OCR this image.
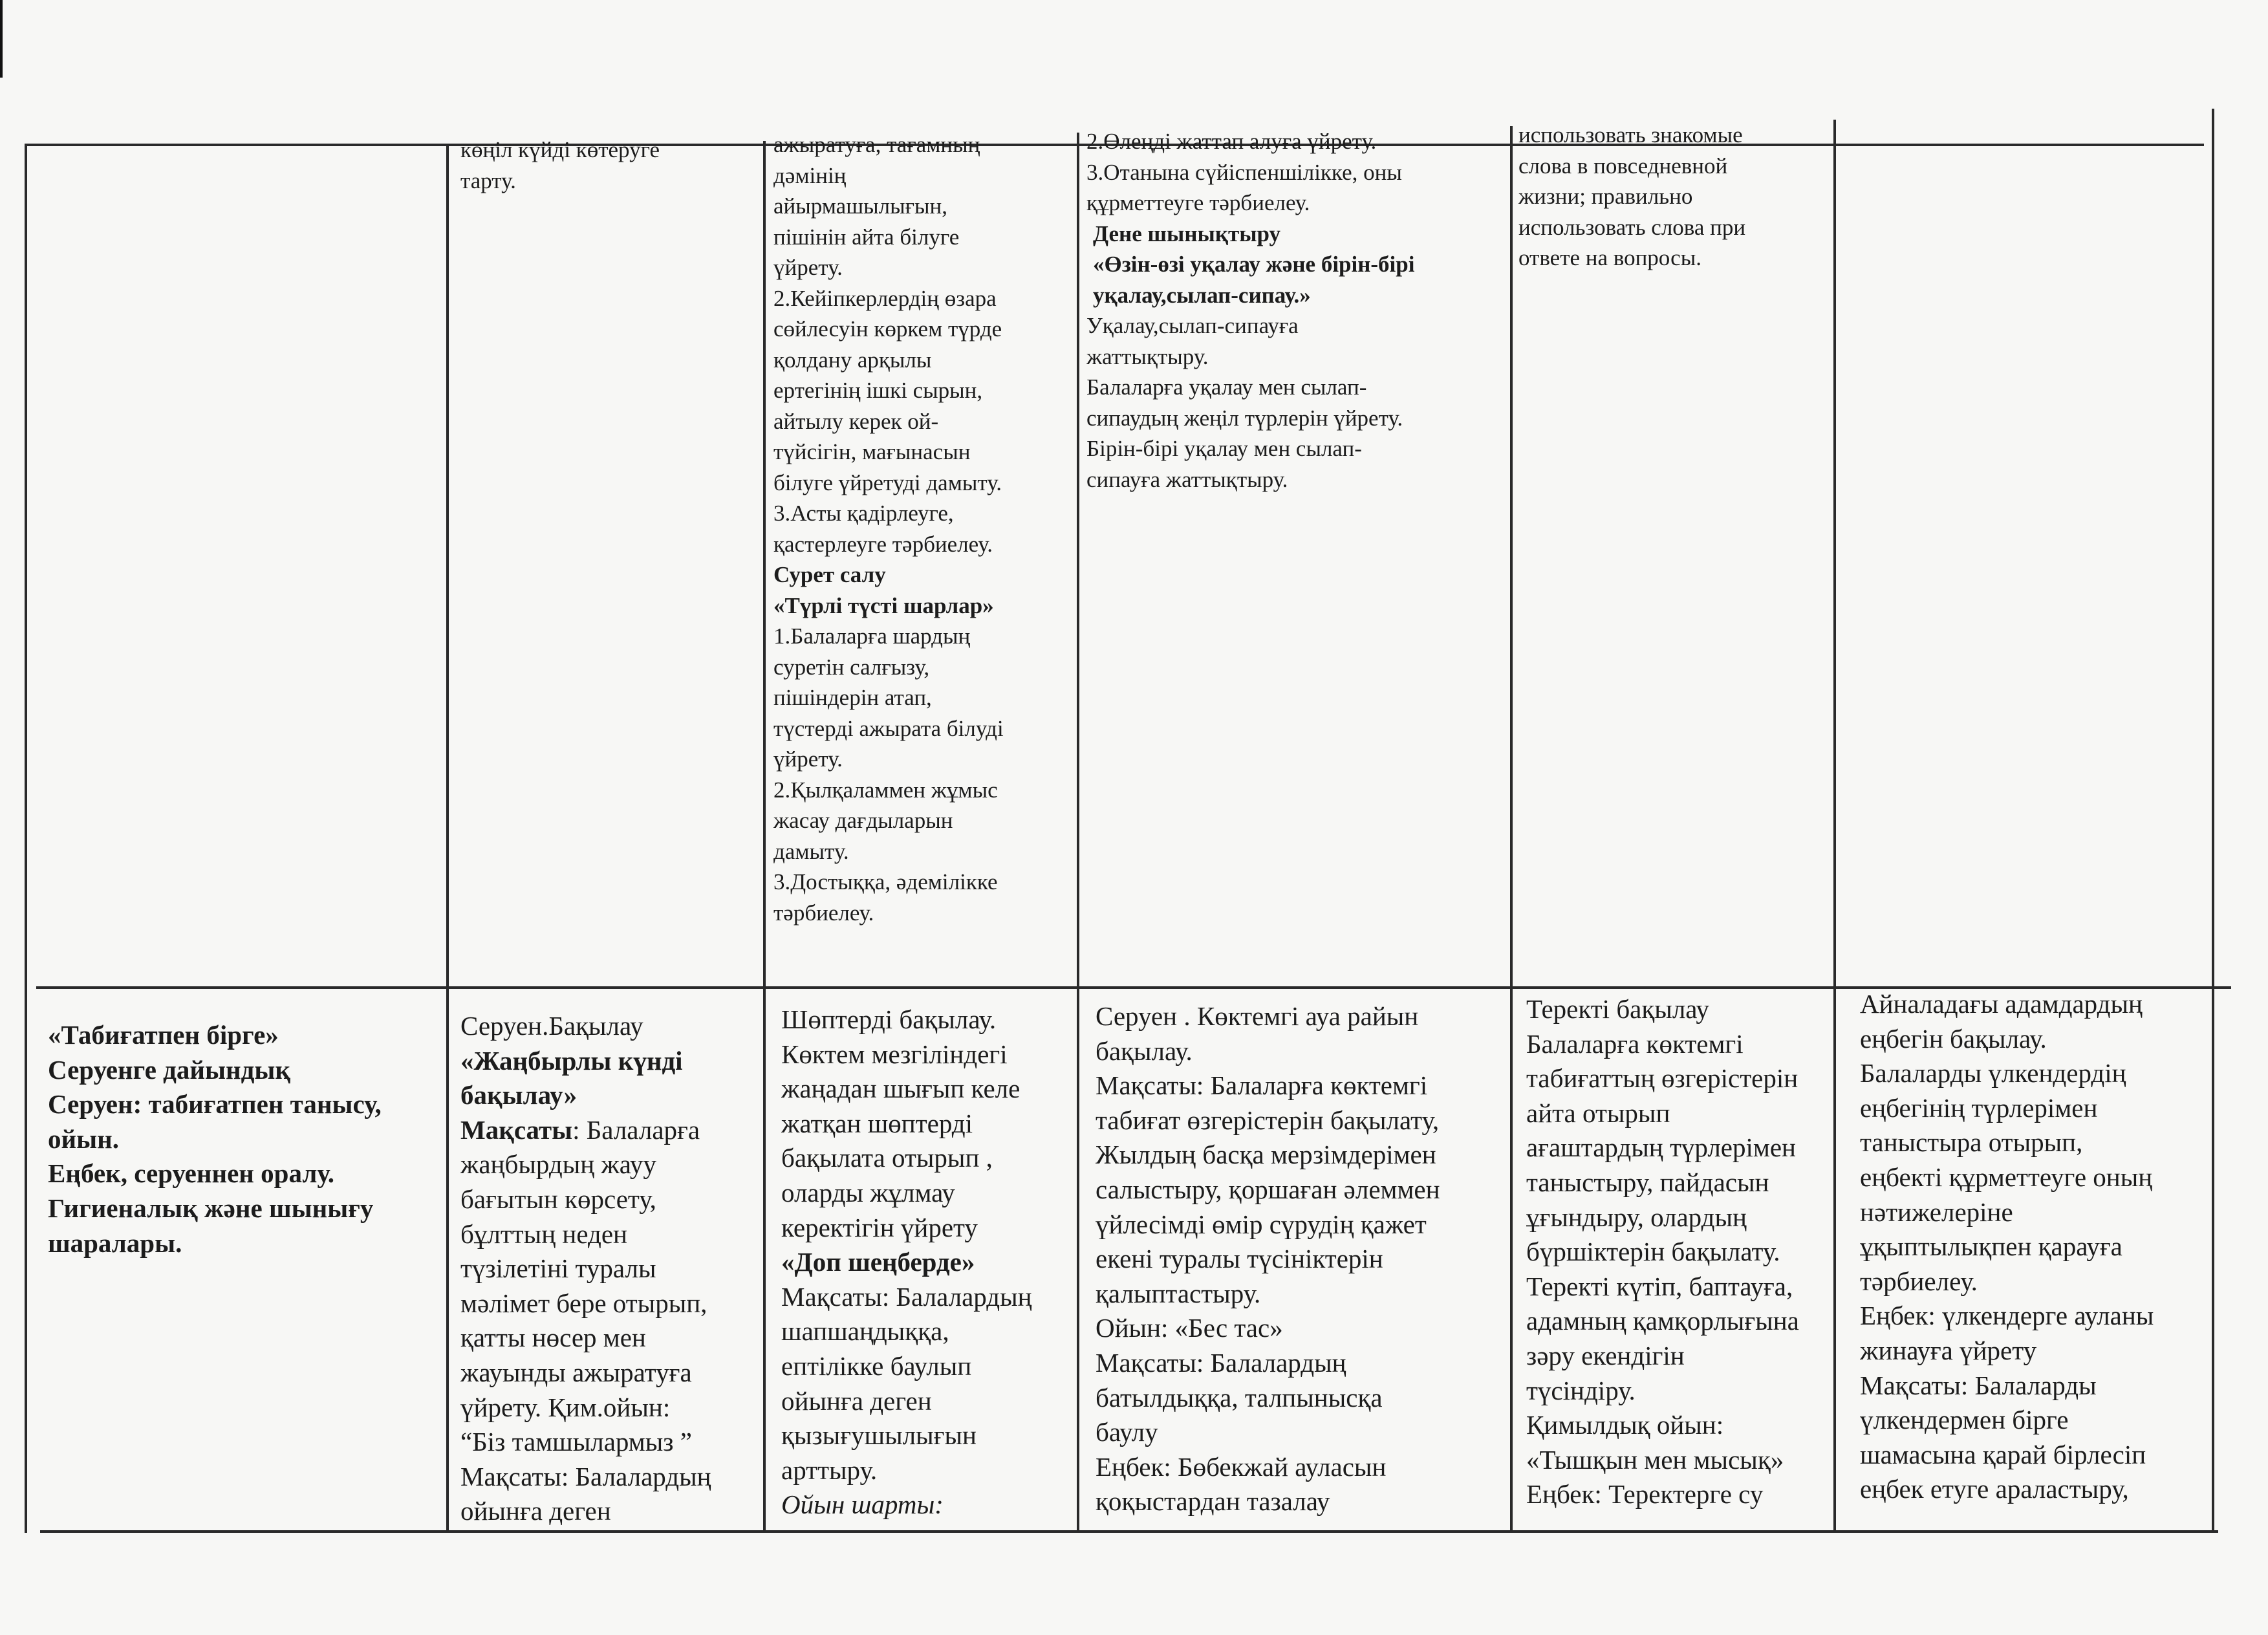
көңіл күйді көтеруге
тарту.
ажыратуға, тағамның
дәмінің
айырмашылығын,
пішінін айта білуге
үйрету.
2.Кейіпкерлердің өзара
сөйлесуін көркем түрде
қолдану арқылы
ертегінің ішкі сырын,
айтылу керек ой-
түйсігін, мағынасын
білуге үйретуді дамыту.
3.Асты қадірлеуге,
қастерлеуге тәрбиелеу.
Сурет салу
«Түрлі түсті шарлар»
1.Балаларға шардың
суретін салғызу,
пішіндерін атап,
түстерді ажырата білуді
үйрету.
2.Қылқаламмен жұмыс
жасау дағдыларын
дамыту.
3.Достыққа, әдемілікке
тәрбиелеу.
2.Өлеңді жаттап алуға үйрету.
3.Отанына сүйіспеншілікке, оны
құрметтеуге тәрбиелеу.
Дене шынықтыру
«Өзін-өзі уқалау және бірін-бірі
уқалау,сылап-сипау.»
Уқалау,сылап-сипауға
жаттықтыру.
Балаларға уқалау мен сылап-
сипаудың жеңіл түрлерін үйрету.
Бірін-бірі уқалау мен сылап-
сипауға жаттықтыру.
использовать знакомые
слова в повседневной
жизни; правильно
использовать слова при
ответе на вопросы.
«Табиғатпен бірге»
Серуенге дайындық
Серуен: табиғатпен танысу,
ойын.
Еңбек, серуеннен оралу.
Гигиеналық және шынығу
шаралары.
Серуен.Бақылау
«Жаңбырлы күнді
бақылау»
Мақсаты: Балаларға
жаңбырдың жауу
бағытын көрсету,
бұлттың неден
түзілетіні туралы
мәлімет бере отырып,
қатты нөсер мен
жауынды ажыратуға
үйрету. Қим.ойын:
“Біз тамшылармыз ”
Мақсаты: Балалардың
ойынға деген
Шөптерді бақылау.
Көктем мезгіліндегі
жаңадан шығып келе
жатқан шөптерді
бақылата отырып ,
оларды жұлмау
керектігін үйрету
«Доп шеңберде»
Мақсаты: Балалардың
шапшаңдыққа,
ептілікке баулып
ойынға деген
қызығушылығын
арттыру.
Ойын шарты:
Серуен . Көктемгі ауа райын
бақылау.
Мақсаты: Балаларға көктемгі
табиғат өзгерістерін бақылату,
Жылдың басқа мерзімдерімен
салыстыру, қоршаған әлеммен
үйлесімді өмір сүрудің қажет
екені туралы түсініктерін
қалыптастыру.
Ойын: «Бес тас»
Мақсаты: Балалардың
батылдыққа, талпынысқа
баулу
Еңбек: Бөбекжай ауласын
қоқыстардан тазалау
Теректі бақылау
Балаларға көктемгі
табиғаттың өзгерістерін
айта отырып
ағаштардың түрлерімен
таныстыру, пайдасын
ұғындыру, олардың
бүршіктерін бақылату.
Теректі күтіп, баптауға,
адамның қамқорлығына
зәру екендігін
түсіндіру.
Қимылдық ойын:
«Тышқын мен мысық»
Еңбек: Теректерге су
Айналадағы адамдардың
еңбегін бақылау.
Балаларды үлкендердің
еңбегінің түрлерімен
таныстыра отырып,
еңбекті құрметтеуге оның
нәтижелеріне
ұқыптылықпен қарауға
тәрбиелеу.
Еңбек: үлкендерге ауланы
жинауға үйрету
Мақсаты: Балаларды
үлкендермен бірге
шамасына қарай бірлесіп
еңбек етуге араластыру,
